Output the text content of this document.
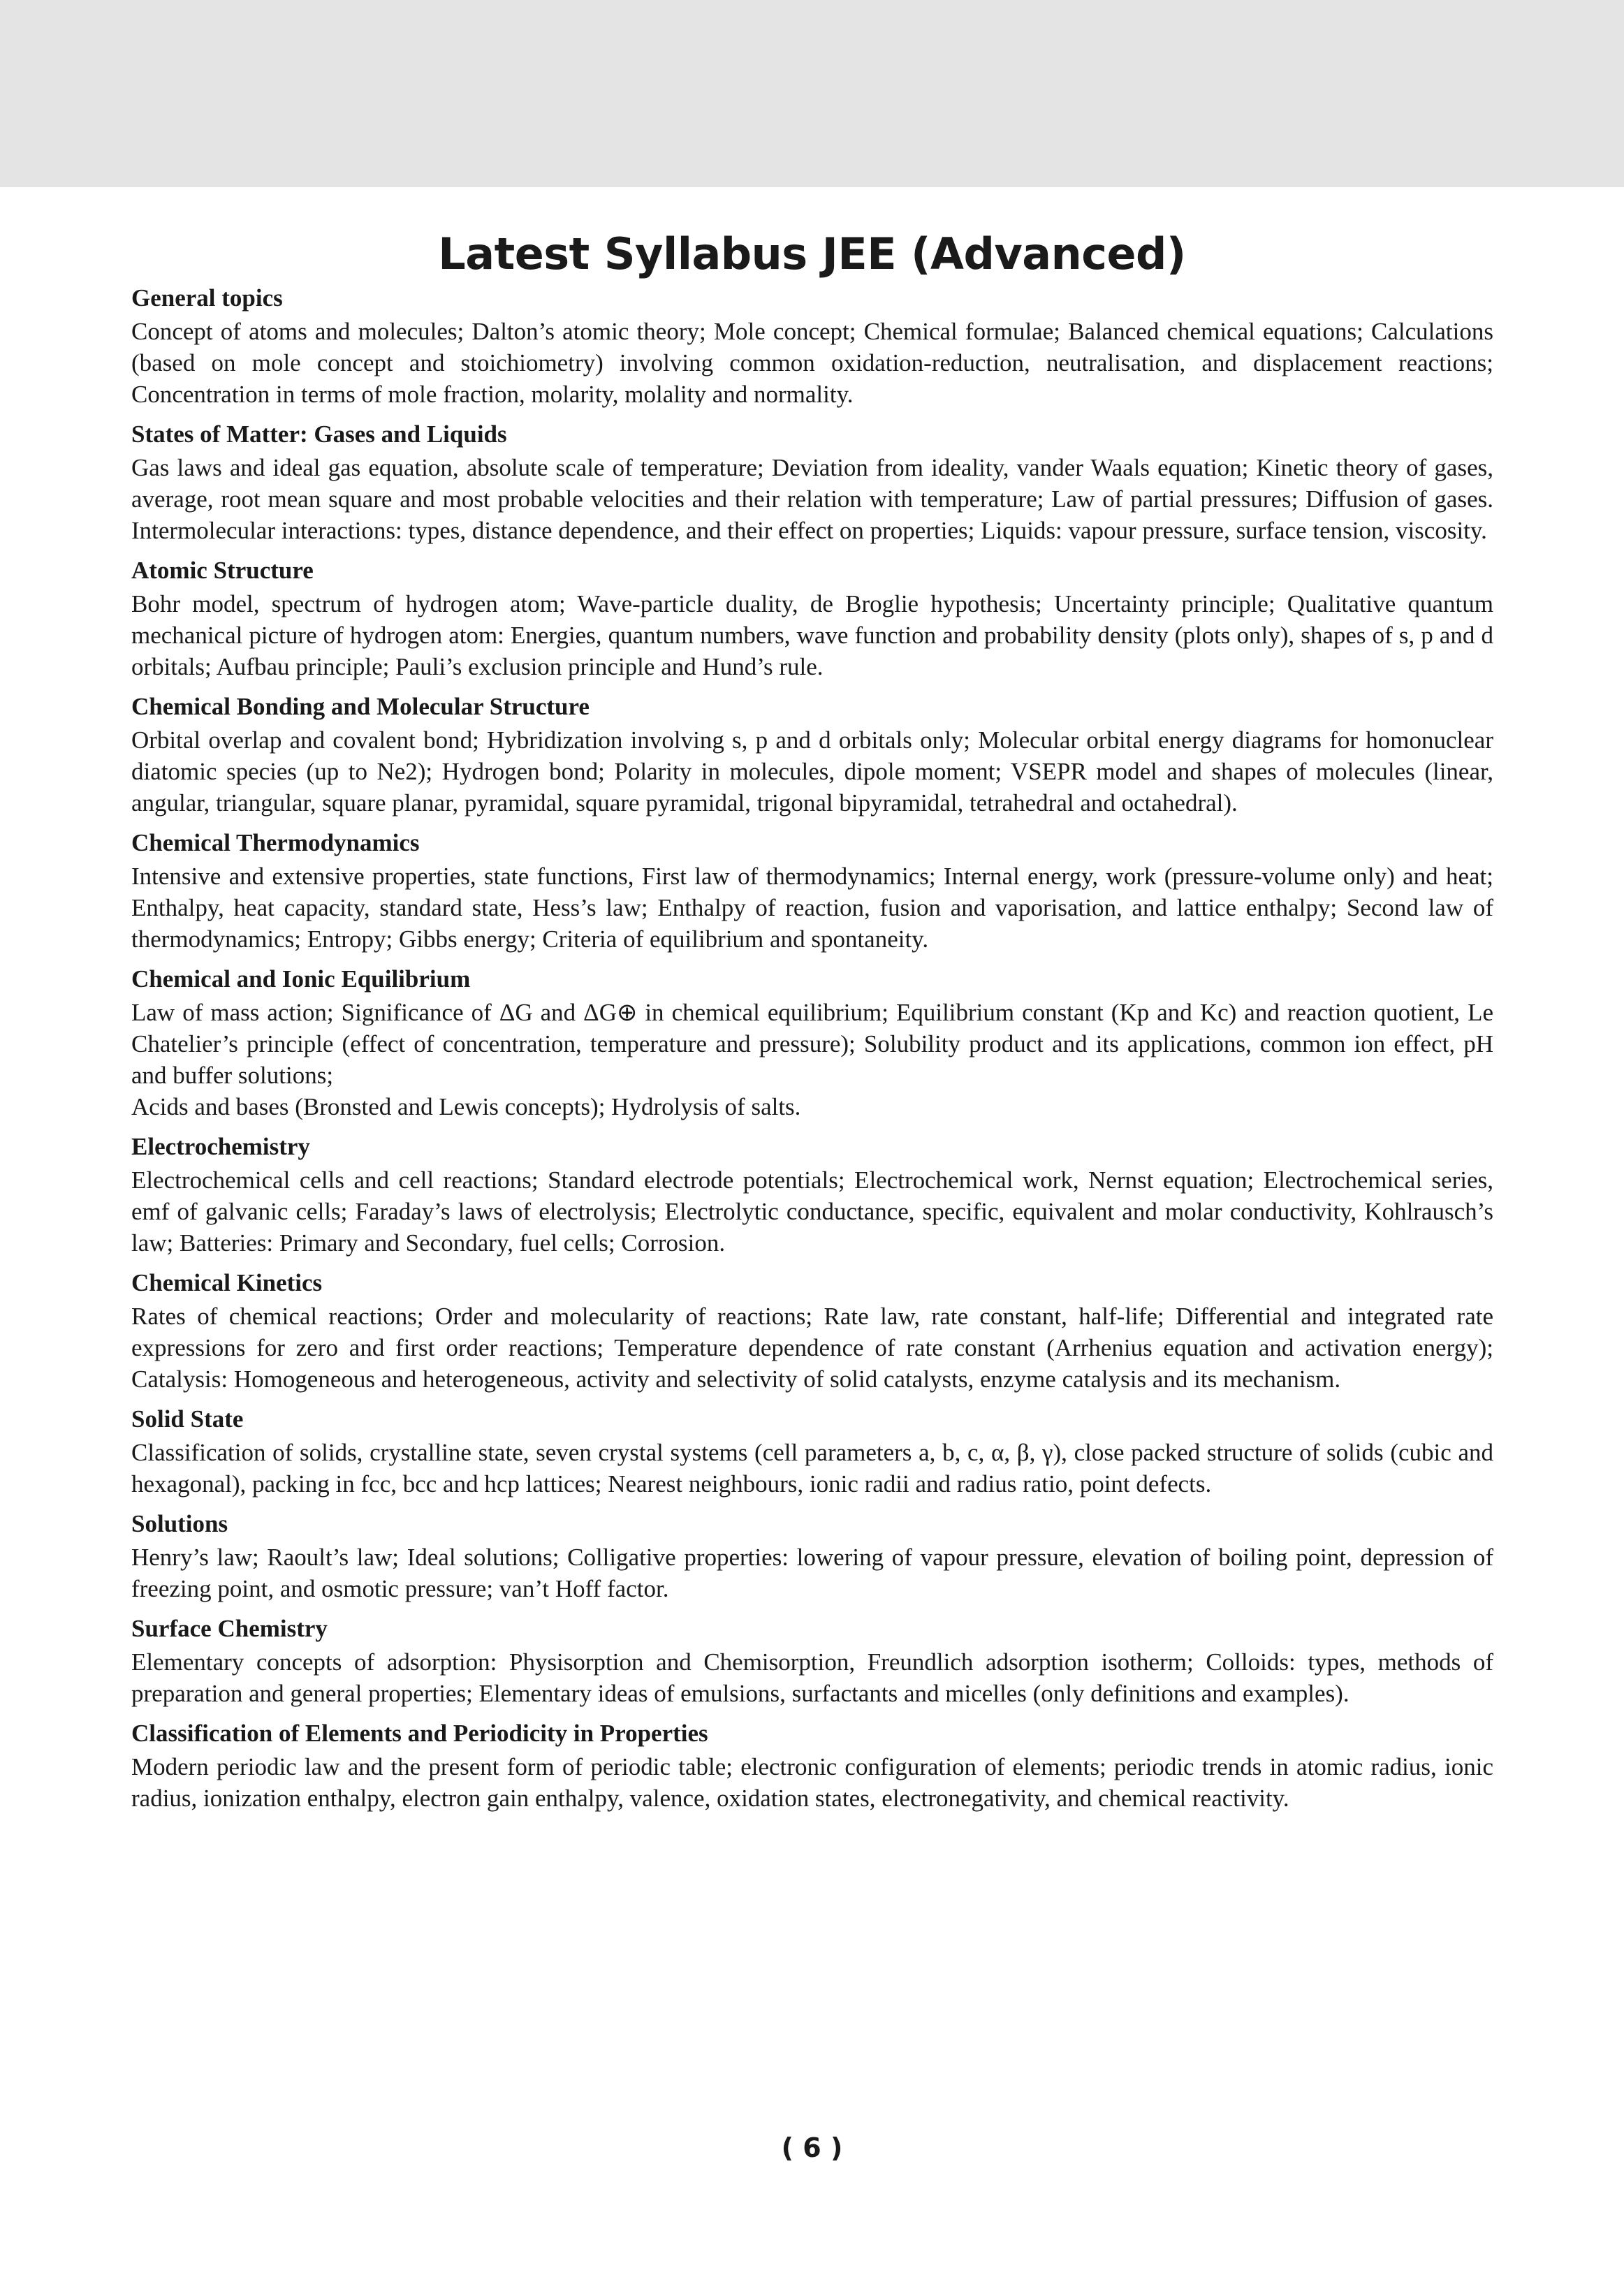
Latest Syllabus JEE (Advanced)

General topics

Concept of atoms and molecules; Dalton’s atomic theory; Mole concept; Chemical formulae; Balanced chemical equations; Calculations (based on mole concept and stoichiometry) involving common oxidation-reduction, neutralisation, and displacement reactions; Concentration in terms of mole fraction, molarity, molality and normality.

States of Matter: Gases and Liquids

Gas laws and ideal gas equation, absolute scale of temperature; Deviation from ideality, vander Waals equation; Kinetic theory of gases, average, root mean square and most probable velocities and their relation with temperature; Law of partial pressures; Diffusion of gases. Intermolecular interactions: types, distance dependence, and their effect on properties; Liquids: vapour pressure, surface tension, viscosity.

Atomic Structure

Bohr model, spectrum of hydrogen atom; Wave-particle duality, de Broglie hypothesis; Uncertainty principle; Qualitative quantum mechanical picture of hydrogen atom: Energies, quantum numbers, wave function and probability density (plots only), shapes of s, p and d orbitals; Aufbau principle; Pauli’s exclusion principle and Hund’s rule.

Chemical Bonding and Molecular Structure

Orbital overlap and covalent bond; Hybridization involving s, p and d orbitals only; Molecular orbital energy diagrams for homonuclear diatomic species (up to Ne2); Hydrogen bond; Polarity in molecules, dipole moment; VSEPR model and shapes of molecules (linear, angular, triangular, square planar, pyramidal, square pyramidal, trigonal bipyramidal, tetrahedral and octahedral).

Chemical Thermodynamics

Intensive and extensive properties, state functions, First law of thermodynamics; Internal energy, work (pressure-volume only) and heat; Enthalpy, heat capacity, standard state, Hess’s law; Enthalpy of reaction, fusion and vaporisation, and lattice enthalpy; Second law of thermodynamics; Entropy; Gibbs energy; Criteria of equilibrium and spontaneity.

Chemical and Ionic Equilibrium

Law of mass action; Significance of ΔG and ΔG⊕ in chemical equilibrium; Equilibrium constant (Kp and Kc) and reaction quotient, Le Chatelier’s principle (effect of concentration, temperature and pressure); Solubility product and its applications, common ion effect, pH and buffer solutions;

Acids and bases (Bronsted and Lewis concepts); Hydrolysis of salts.

Electrochemistry

Electrochemical cells and cell reactions; Standard electrode potentials; Electrochemical work, Nernst equation; Electrochemical series, emf of galvanic cells; Faraday’s laws of electrolysis; Electrolytic conductance, specific, equivalent and molar conductivity, Kohlrausch’s law; Batteries: Primary and Secondary, fuel cells; Corrosion.

Chemical Kinetics

Rates of chemical reactions; Order and molecularity of reactions; Rate law, rate constant, half-life; Differential and integrated rate expressions for zero and first order reactions; Temperature dependence of rate constant (Arrhenius equation and activation energy); Catalysis: Homogeneous and heterogeneous, activity and selectivity of solid catalysts, enzyme catalysis and its mechanism.

Solid State

Classification of solids, crystalline state, seven crystal systems (cell parameters a, b, c, α, β, γ), close packed structure of solids (cubic and hexagonal), packing in fcc, bcc and hcp lattices; Nearest neighbours, ionic radii and radius ratio, point defects.

Solutions

Henry’s law; Raoult’s law; Ideal solutions; Colligative properties: lowering of vapour pressure, elevation of boiling point, depression of freezing point, and osmotic pressure; van’t Hoff factor.

Surface Chemistry

Elementary concepts of adsorption: Physisorption and Chemisorption, Freundlich adsorption isotherm; Colloids: types, methods of preparation and general properties; Elementary ideas of emulsions, surfactants and micelles (only definitions and examples).

Classification of Elements and Periodicity in Properties

Modern periodic law and the present form of periodic table; electronic configuration of elements; periodic trends in atomic radius, ionic radius, ionization enthalpy, electron gain enthalpy, valence, oxidation states, electronegativity, and chemical reactivity.

( 6 )
